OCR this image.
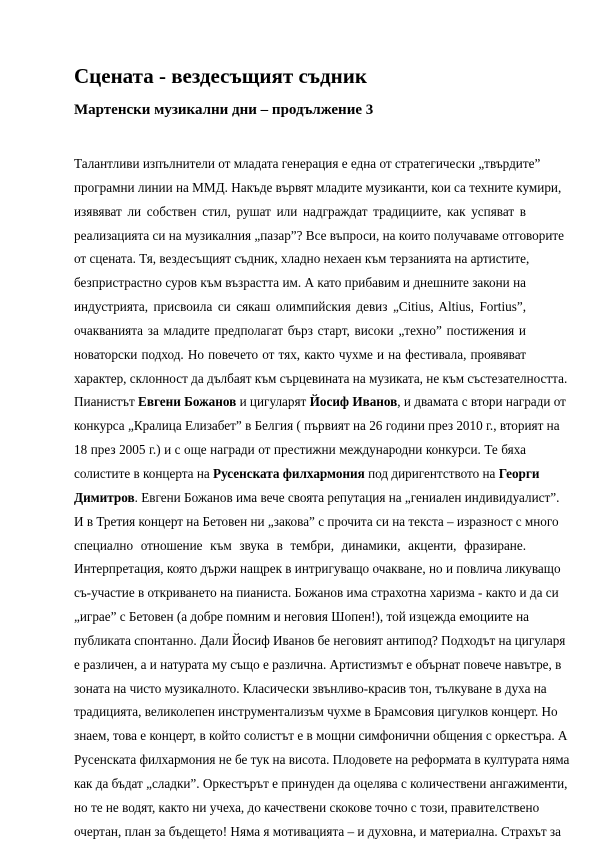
Сцената - вездесъщият съдник
Мартенски музикални дни – продължение 3
Талантливи изпълнители от младата генерация е една от стратегически „твърдите”
програмни линии на ММД. Накъде вървят младите музиканти, кои са техните кумири,
изявяват ли собствен стил, рушат или надграждат традициите, как успяват в
реализацията си на музикалния „пазар”? Все въпроси, на които получаваме отговорите
от сцената. Тя, вездесъщият съдник, хладно нехаен към терзанията на артистите,
безпристрастно суров към възрастта им. А като прибавим и днешните закони на
индустрията, присвоила си сякаш олимпийския девиз „Citius, Altius, Fortius”,
очакванията за младите предполагат бърз старт, високи „техно” постижения и
новаторски подход. Но повечето от тях, както чухме и на фестивала, проявяват
характер, склонност да дълбаят към сърцевината на музиката, не към състезателността.
Пианистът Евгени Божанов и цигуларят Йосиф Иванов, и двамата с втори награди от
конкурса „Кралица Елизабет” в Белгия ( първият на 26 години през 2010 г., вторият на
18 през 2005 г.) и с още награди от престижни международни конкурси. Те бяха
солистите в концерта на Русенската филхармония под диригентството на Георги
Димитров. Евгени Божанов има вече своята репутация на „гениален индивидуалист”.
И в Третия концерт на Бетовен ни „закова” с прочита си на текста – изразност с много
специално отношение към звука в тембри, динамики, акценти, фразиране.
Интерпретация, която държи нащрек в интригуващо очакване, но и повлича ликуващо
съ-участие в откриването на пианиста. Божанов има страхотна харизма - както и да си
„играе” с Бетовен (а добре помним и неговия Шопен!), той изцежда емоциите на
публиката спонтанно. Дали Йосиф Иванов бе неговият антипод? Подходът на цигуларя
е различен, а и натурата му също е различна. Артистизмът е обърнат повече навътре, в
зоната на чисто музикалното. Класически звънливо-красив тон, тълкуване в духа на
традицията, великолепен инструментализъм чухме в Брамсовия цигулков концерт. Но
знаем, това е концерт, в който солистът е в мощни симфонични общения с оркестъра. А
Русенската филхармония не бе тук на висота. Плодовете на реформата в културата няма
как да бъдат „сладки”. Оркестърът е принуден да оцелява с количествени ангажименти,
но те не водят, както ни учеха, до качествени скокове точно с този, правителствено
очертан, план за бъдещето! Няма я мотивацията – и духовна, и материална. Страхът за
